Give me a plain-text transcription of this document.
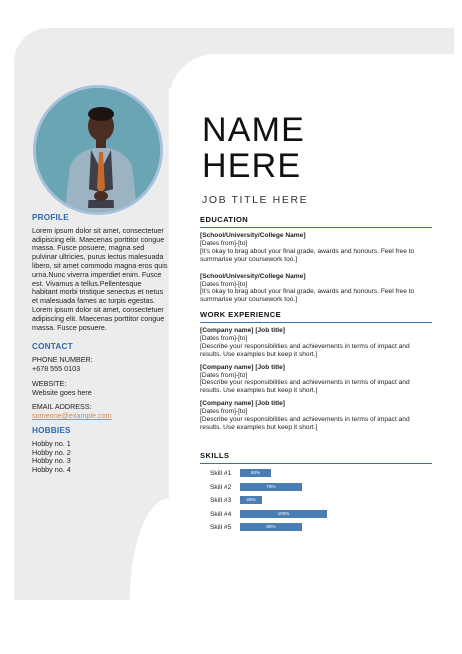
PROFILE

Lorem ipsum dolor sit amet, consectetuer adipiscing elit. Maecenas porttitor congue massa. Fusce posuere, magna sed pulvinar ultricies, purus lectus malesuada libero, sit amet commodo magna eros quis urna.Nunc viverra imperdiet enim. Fusce est. Vivamus a tellus.Pellentesque habitant morbi tristique senectus et netus et malesuada fames ac turpis egestas. Lorem ipsum dolor sit amet, consectetuer adipiscing elit. Maecenas porttitor congue massa. Fusce posuere.

CONTACT

PHONE NUMBER:

+678 555 0103

WEBSITE:

Website goes here

EMAIL ADDRESS:

someone@example.com

HOBBIES

Hobby no. 1

Hobby no. 2

Hobby no. 3

Hobby no. 4

NAME
HERE
JOB TITLE HERE
EDUCATION
[School/University/College Name]
[Dates from]-[to]
[It's okay to brag about your final grade, awards and honours. Feel free to summarise your coursework too.]
[School/University/College Name]
[Dates from]-[to]
[It's okay to brag about your final grade, awards and honours. Feel free to summarise your coursework too.]
WORK EXPERIENCE
[Company name] [Job title]
[Dates from]-[to]
[Describe your responsibilities and achievements in terms of impact and results. Use examples but keep it short.]
[Company name] [Job title]
[Dates from]-[to]
[Describe your responsibilities and achievements in terms of impact and results. Use examples but keep it short.]
[Company name] [Job title]
[Dates from]-[to]
[Describe your responsibilities and achievements in terms of impact and results. Use examples but keep it short.]
SKILLS
Skill #1	50%
Skill #2	75%
Skill #3	25%
Skill #4	100%
Skill #5	50%
